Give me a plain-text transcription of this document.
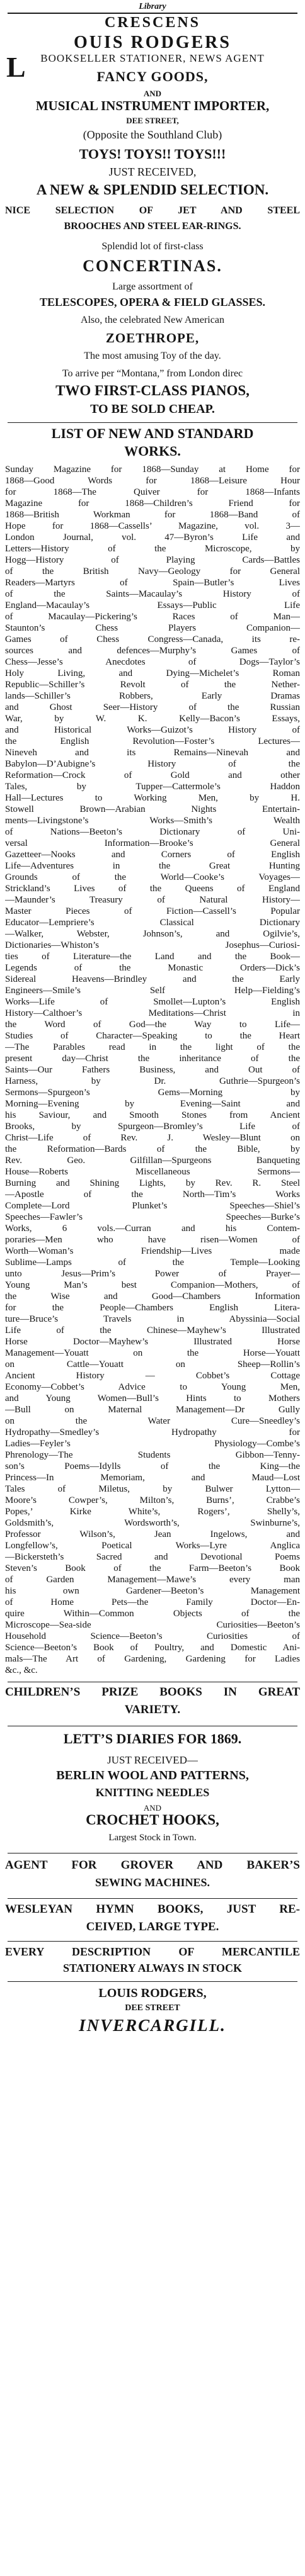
Library
L
CRESCENS
OUIS RODGERS
BOOKSELLER STATIONER, NEWS AGENT
FANCY GOODS,
AND
MUSICAL INSTRUMENT IMPORTER,
DEE STREET,
(Opposite the Southland Club)
TOYS! TOYS!! TOYS!!!
JUST RECEIVED,
A NEW & SPLENDID SELECTION.
NICE SELECTION OF JET AND STEEL
BROOCHES AND STEEL EAR-RINGS.
Splendid lot of first-class
CONCERTINAS.
Large assortment of
TELESCOPES, OPERA & FIELD GLASSES.
Also, the celebrated New American
ZOETHROPE,
The most amusing Toy of the day.
To arrive per “Montana,” from London direc
TWO FIRST-CLASS PIANOS,
TO BE SOLD CHEAP.
LIST OF NEW AND STANDARD
WORKS.
Sunday Magazine for 1868—Sunday at Home for
1868—Good Words for 1868—Leisure Hour
for 1868—The Quiver for 1868—Infants
Magazine for 1868—Children’s Friend for
1868—British Workman for 1868—Band of
Hope for 1868—Cassells’ Magazine, vol. 3—
London Journal, vol. 47—Byron’s Life and
Letters—History of the Microscope, by
Hogg—History of Playing Cards—Battles
of the British Navy—Geology for General
Readers—Martyrs of Spain—Butler’s Lives
of the Saints—Macaulay’s History of
England—Macaulay’s Essays—Public Life
of Macaulay—Pickering’s Races of Man—
Staunton’s Chess Players Companion—
Games of Chess Congress—Canada, its re-
sources and defences—Murphy’s Games of
Chess—Jesse’s Anecdotes of Dogs—Taylor’s
Holy Living, and Dying—Michelet’s Roman
Republic—Schiller’s Revolt of the Nether-
lands—Schiller’s Robbers, Early Dramas
and Ghost Seer—History of the Russian
War, by W. K. Kelly—Bacon’s Essays,
and Historical Works—Guizot’s History of
the English Revolution—Foster’s Lectures—
Nineveh and its Remains—Ninevah and
Babylon—D’Aubigne’s History of the
Reformation—Crock of Gold and other
Tales, by Tupper—Cattermole’s Haddon
Hall—Lectures to Working Men, by H.
Stowell Brown—Arabian Nights Entertain-
ments—Livingstone’s Works—Smith’s Wealth
of Nations—Beeton’s Dictionary of Uni-
versal Information—Brooke’s General
Gazetteer—Nooks and Corners of English
Life—Adventures in the Great Hunting
Grounds of the World—Cooke’s Voyages—
Strickland’s Lives of the Queens of England
—Maunder’s Treasury of Natural History—
Master Pieces of Fiction—Cassell’s Popular
Educator—Lempriere’s Classical Dictionary
—Walker, Webster, Johnson’s, and Ogilvie’s,
Dictionaries—Whiston’s Josephus—Curiosi-
ties of Literature—the Land and the Book—
Legends of the Monastic Orders—Dick’s
Sidereal Heavens—Brindley and the Early
Engineers—Smile’s Self Help—Fielding’s
Works—Life of Smollet—Lupton’s English
History—Calthoer’s Meditations—Christ in
the Word of God—the Way to Life—
Studies of Character—Speaking to the Heart
—The Parables read in the light of the
present day—Christ the inheritance of the
Saints—Our Fathers Business, and Out of
Harness, by Dr. Guthrie—Spurgeon’s
Sermons—Spurgeon’s Gems—Morning by
Morning—Evening by Evening—Saint and
his Saviour, and Smooth Stones from Ancient
Brooks, by Spurgeon—Bromley’s Life of
Christ—Life of Rev. J. Wesley—Blunt on
the Reformation—Bards of the Bible, by
Rev. Geo. Gilfillan—Spurgeons Banqueting
House—Roberts Miscellaneous Sermons—
Burning and Shining Lights, by Rev. R. Steel
—Apostle of the North—Tim’s Works
Complete—Lord Plunket’s Speeches—Shiel’s
Speeches—Fawler’s Speeches—Burke’s
Works, 6 vols.—Curran and his Contem-
poraries—Men who have risen—Women of
Worth—Woman’s Friendship—Lives made
Sublime—Lamps of the Temple—Looking
unto Jesus—Prim’s Power of Prayer—
Young Man’s best Companion—Mothers, of
the Wise and Good—Chambers Information
for the People—Chambers English Litera-
ture—Bruce’s Travels in Abyssinia—Social
Life of the Chinese—Mayhew’s Illustrated
Horse Doctor—Mayhew’s Illustrated Horse
Management—Youatt on the Horse—Youatt
on Cattle—Youatt on Sheep—Rollin’s
Ancient History — Cobbet’s Cottage
Economy—Cobbet’s Advice to Young Men,
and Young Women—Bull’s Hints to Mothers
—Bull on Maternal Management—Dr Gully
on the Water Cure—Sneedley’s
Hydropathy—Smedley’s Hydropathy for
Ladies—Feyler’s Physiology—Combe’s
Phrenology—The Students Gibbon—Tenny-
son’s Poems—Idylls of the King—the
Princess—In Memoriam, and Maud—Lost
Tales of Miletus, by Bulwer Lytton—
Moore’s Cowper’s, Milton’s, Burns’, Crabbe’s
Popes,’ Kirke White’s, Rogers’, Shelly’s,
Goldsmith’s, Wordsworth’s, Swinburne’s,
Professor Wilson’s, Jean Ingelows, and
Longfellow’s, Poetical Works—Lyre Anglica
—Bickersteth’s Sacred and Devotional Poems
Steven’s Book of the Farm—Beeton’s Book
of Garden Management—Mawe’s every man
his own Gardener—Beeton’s Management
of Home Pets—the Family Doctor—En-
quire Within—Common Objects of the
Microscope—Sea-side Curiosities—Beeton’s
Household Science—Beeton’s Curiosities of
Science—Beeton’s Book of Poultry, and Domestic Ani-
mals—The Art of Gardening, Gardening for Ladies
&c., &c.
CHILDREN’S PRIZE BOOKS IN GREAT
VARIETY.
LETT’S DIARIES FOR 1869.
JUST RECEIVED—
BERLIN WOOL AND PATTERNS,
KNITTING NEEDLES
AND
CROCHET HOOKS,
Largest Stock in Town.
AGENT FOR GROVER AND BAKER’S
SEWING MACHINES.
WESLEYAN HYMN BOOKS, JUST RE-
CEIVED, LARGE TYPE.
EVERY DESCRIPTION OF MERCANTILE
STATIONERY ALWAYS IN STOCK
LOUIS RODGERS,
DEE STREET
INVERCARGILL.
